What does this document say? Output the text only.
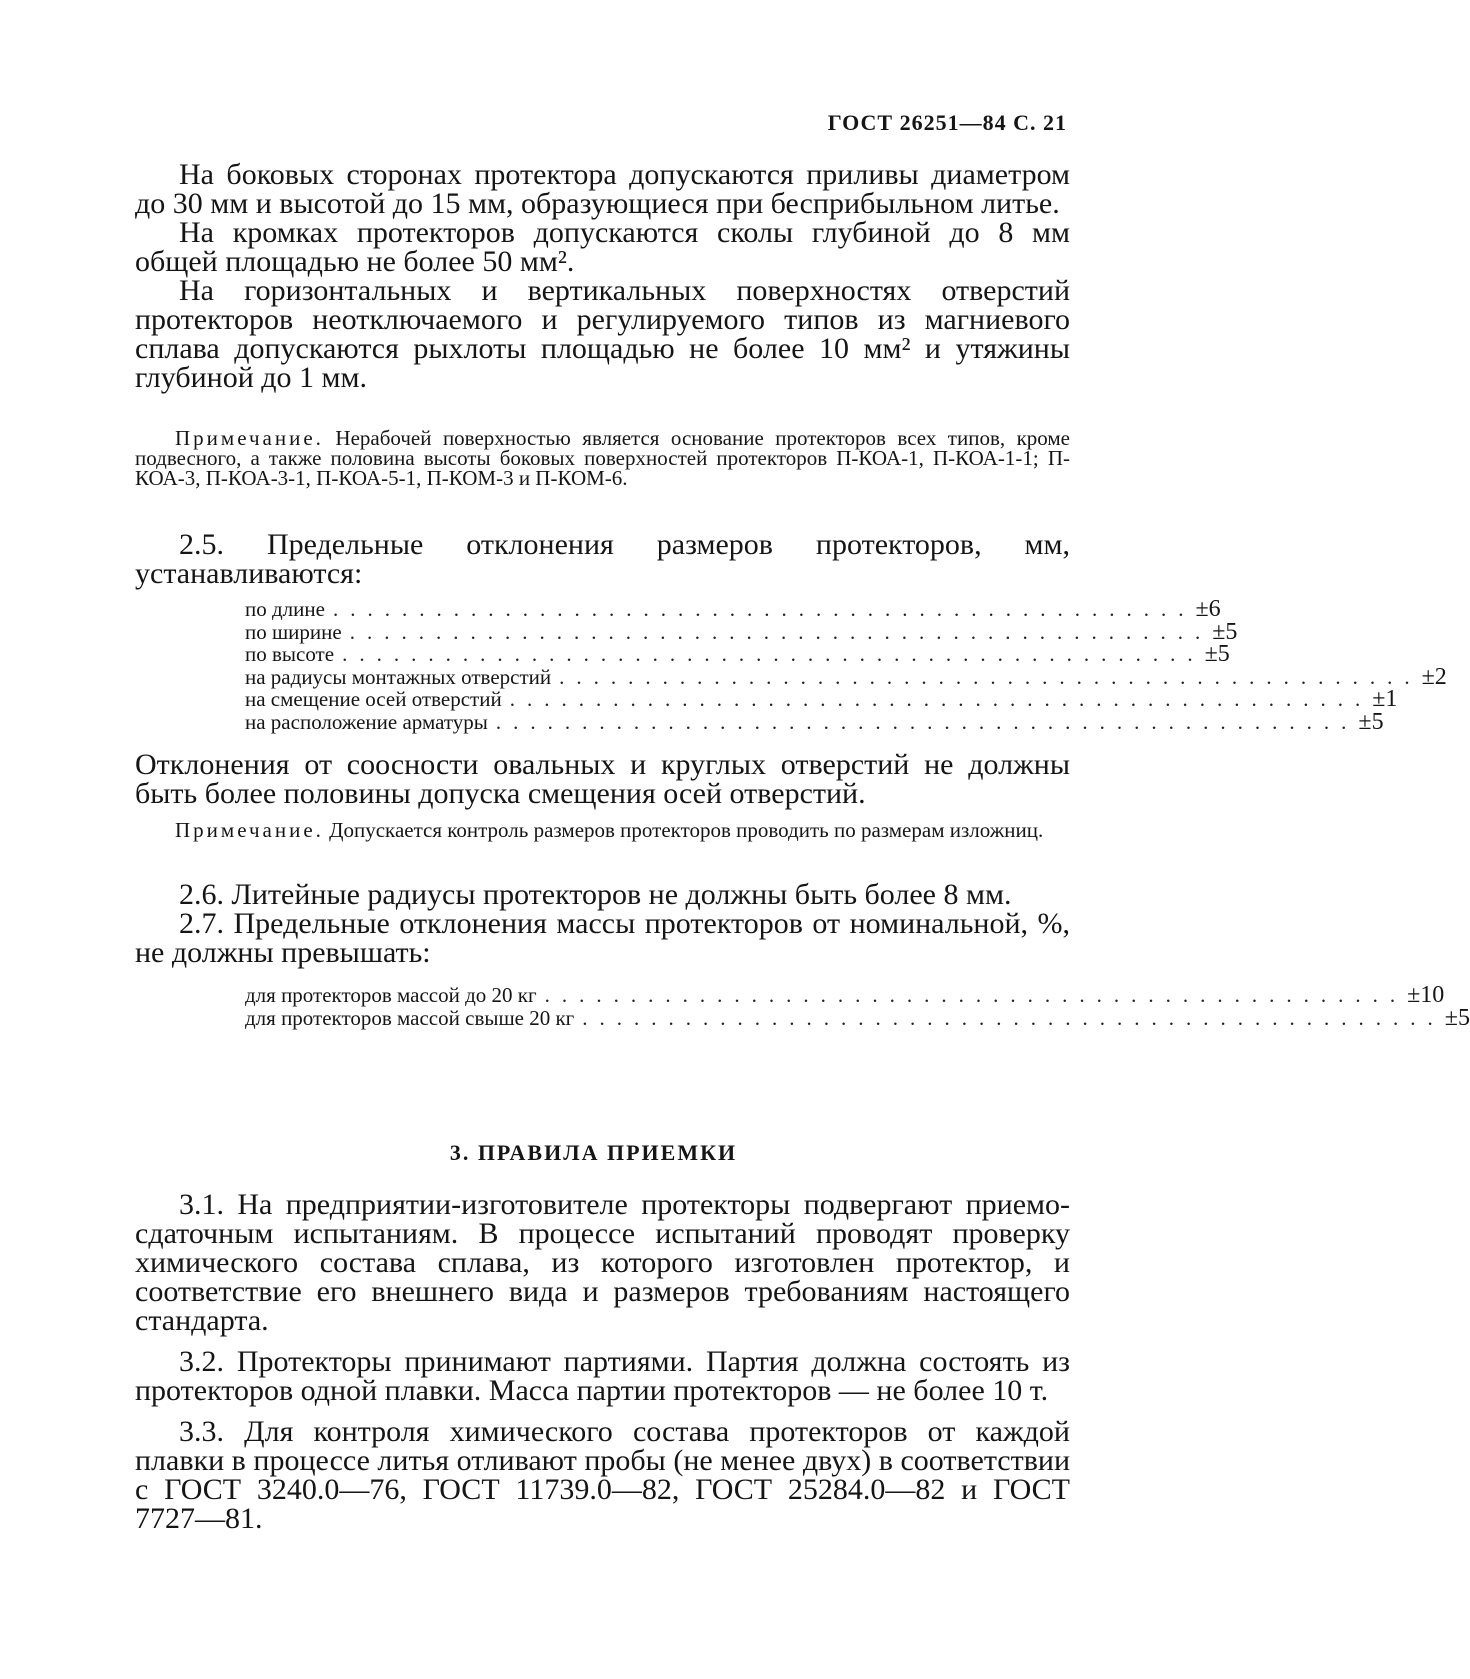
ГОСТ 26251—84 С. 21

На боковых сторонах протектора допускаются приливы диаметром до 30 мм и высотой до 15 мм, образующиеся при бесприбыльном литье.

На кромках протекторов допускаются сколы глубиной до 8 мм общей площадью не более 50 мм².

На горизонтальных и вертикальных поверхностях отверстий протекторов неотключаемого и регулируемого типов из магниевого сплава допускаются рыхлоты площадью не более 10 мм² и утяжины глубиной до 1 мм.

Примечание. Нерабочей поверхностью является основание протекторов всех типов, кроме подвесного, а также половина высоты боковых поверхностей протекторов П-КОА-1, П-КОА-1-1; П-КОА-3, П-КОА-3-1, П-КОА-5-1, П-КОМ-3 и П-КОМ-6.

2.5. Предельные отклонения размеров протекторов, мм, устанавливаются:

по длине .................................................. ±6
по ширине .................................................. ±5
по высоте .................................................. ±5
на радиусы монтажных отверстий .................................................. ±2
на смещение осей отверстий .................................................. ±1
на расположение арматуры .................................................. ±5

Отклонения от соосности овальных и круглых отверстий не должны быть более половины допуска смещения осей отверстий.

Примечание. Допускается контроль размеров протекторов проводить по размерам изложниц.

2.6. Литейные радиусы протекторов не должны быть более 8 мм.

2.7. Предельные отклонения массы протекторов от номинальной, %, не должны превышать:

для протекторов массой до 20 кг .................................................. ±10
для протекторов массой свыше 20 кг .................................................. ±5
3. ПРАВИЛА ПРИЕМКИ

3.1. На предприятии-изготовителе протекторы подвергают приемо-сдаточным испытаниям. В процессе испытаний проводят проверку химического состава сплава, из которого изготовлен протектор, и соответствие его внешнего вида и размеров требованиям настоящего стандарта.

3.2. Протекторы принимают партиями. Партия должна состоять из протекторов одной плавки. Масса партии протекторов — не более 10 т.

3.3. Для контроля химического состава протекторов от каждой плавки в процессе литья отливают пробы (не менее двух) в соответствии с ГОСТ 3240.0—76, ГОСТ 11739.0—82, ГОСТ 25284.0—82 и ГОСТ 7727—81.
